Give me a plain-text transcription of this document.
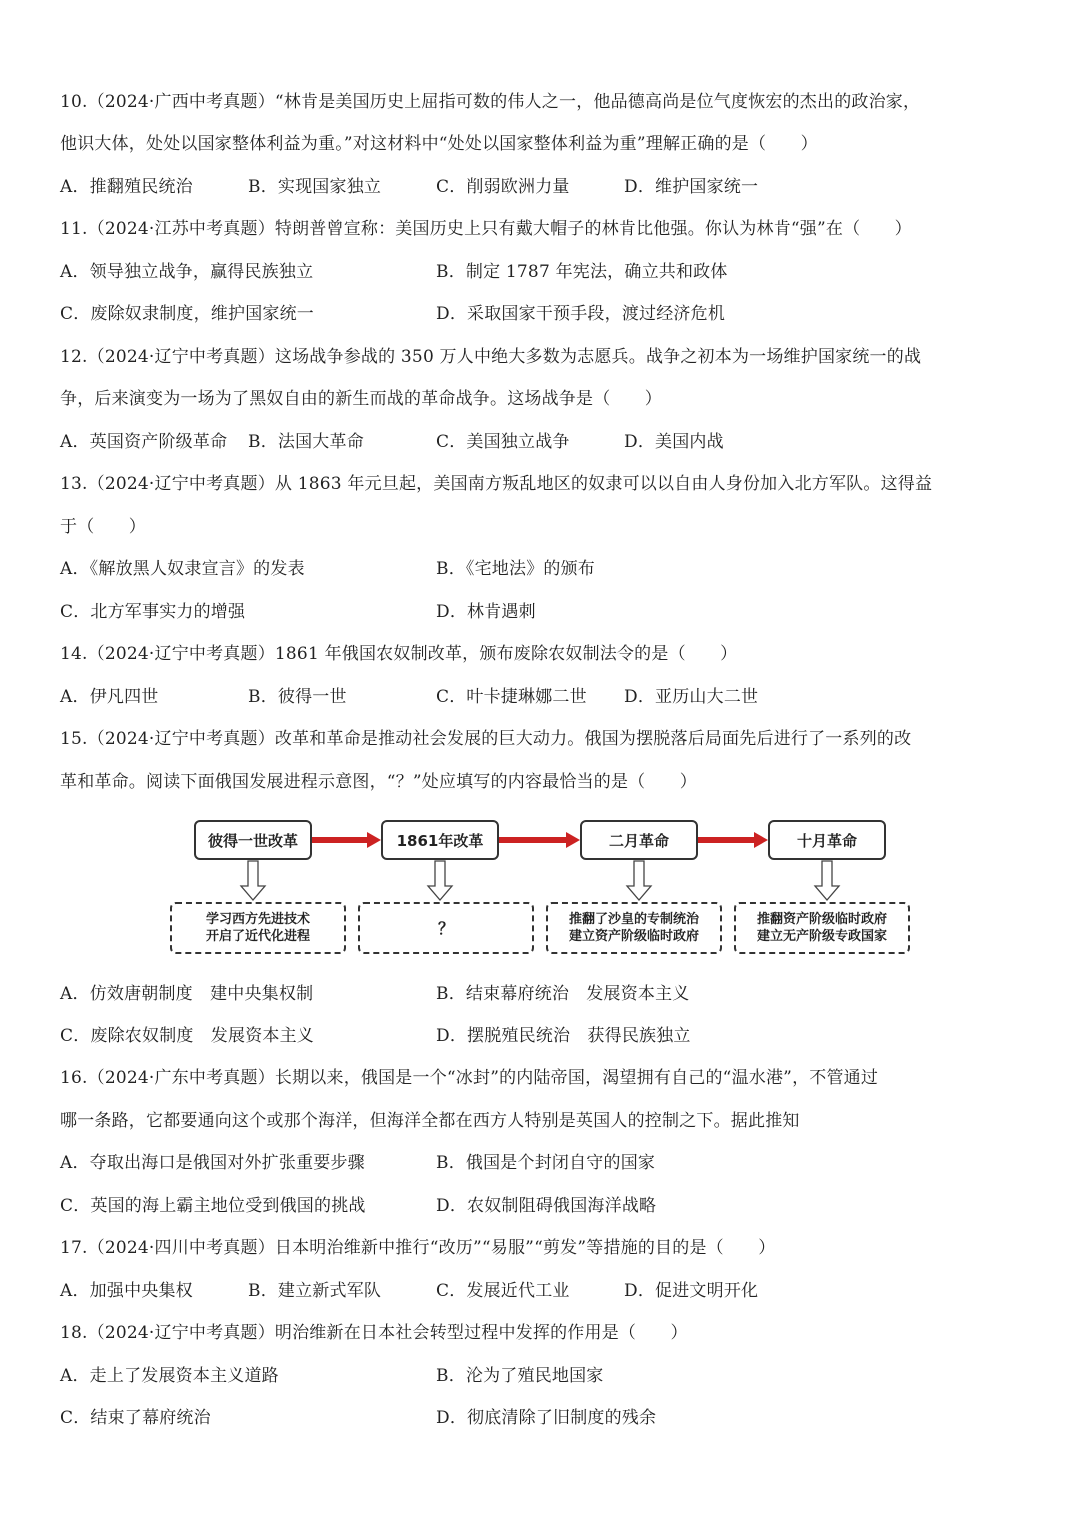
10.（2024·广西中考真题）“林肯是美国历史上屈指可数的伟人之一，他品德高尚是位气度恢宏的杰出的政治家，
他识大体，处处以国家整体利益为重。”对这材料中“处处以国家整体利益为重”理解正确的是（　　）
A．推翻殖民统治	B．实现国家独立	C．削弱欧洲力量	D．维护国家统一
11.（2024·江苏中考真题）特朗普曾宣称：美国历史上只有戴大帽子的林肯比他强。你认为林肯“强”在（　　）
A．领导独立战争，赢得民族独立	B．制定 1787 年宪法，确立共和政体
C．废除奴隶制度，维护国家统一	D．采取国家干预手段，渡过经济危机
12.（2024·辽宁中考真题）这场战争参战的 350 万人中绝大多数为志愿兵。战争之初本为一场维护国家统一的战
争，后来演变为一场为了黑奴自由的新生而战的革命战争。这场战争是（　　）
A．英国资产阶级革命 B．法国大革命	C．美国独立战争	D．美国内战
13.（2024·辽宁中考真题）从 1863 年元旦起，美国南方叛乱地区的奴隶可以以自由人身份加入北方军队。这得益
于（　　）
A．《解放黑人奴隶宣言》的发表	B．《宅地法》的颁布
C．北方军事实力的增强	D．林肯遇刺
14.（2024·辽宁中考真题）1861 年俄国农奴制改革，颁布废除农奴制法令的是（　　）
A．伊凡四世	B．彼得一世	C．叶卡捷琳娜二世 D．亚历山大二世
15.（2024·辽宁中考真题）改革和革命是推动社会发展的巨大动力。俄国为摆脱落后局面先后进行了一系列的改
革和革命。阅读下面俄国发展进程示意图，“？”处应填写的内容最恰当的是（　　）
彼得一世改革	1861年改革	二月革命	十月革命
学习西方先进技术
开启了近代化进程	？	推翻了沙皇的专制统治
建立资产阶级临时政府
推翻资产阶级临时政府
建立无产阶级专政国家
A．仿效唐朝制度　建中央集权制	B．结束幕府统治　发展资本主义
C．废除农奴制度　发展资本主义	D．摆脱殖民统治　获得民族独立
16.（2024·广东中考真题）长期以来，俄国是一个“冰封”的内陆帝国，渴望拥有自己的“温水港”，不管通过
哪一条路，它都要通向这个或那个海洋，但海洋全都在西方人特别是英国人的控制之下。据此推知
A．夺取出海口是俄国对外扩张重要步骤	B．俄国是个封闭自守的国家
C．英国的海上霸主地位受到俄国的挑战	D．农奴制阻碍俄国海洋战略
17.（2024·四川中考真题）日本明治维新中推行“改历”“易服”“剪发”等措施的目的是（　　）
A．加强中央集权	B．建立新式军队	C．发展近代工业	D．促进文明开化
18.（2024·辽宁中考真题）明治维新在日本社会转型过程中发挥的作用是（　　）
A．走上了发展资本主义道路	B．沦为了殖民地国家
C．结束了幕府统治	D．彻底清除了旧制度的残余
